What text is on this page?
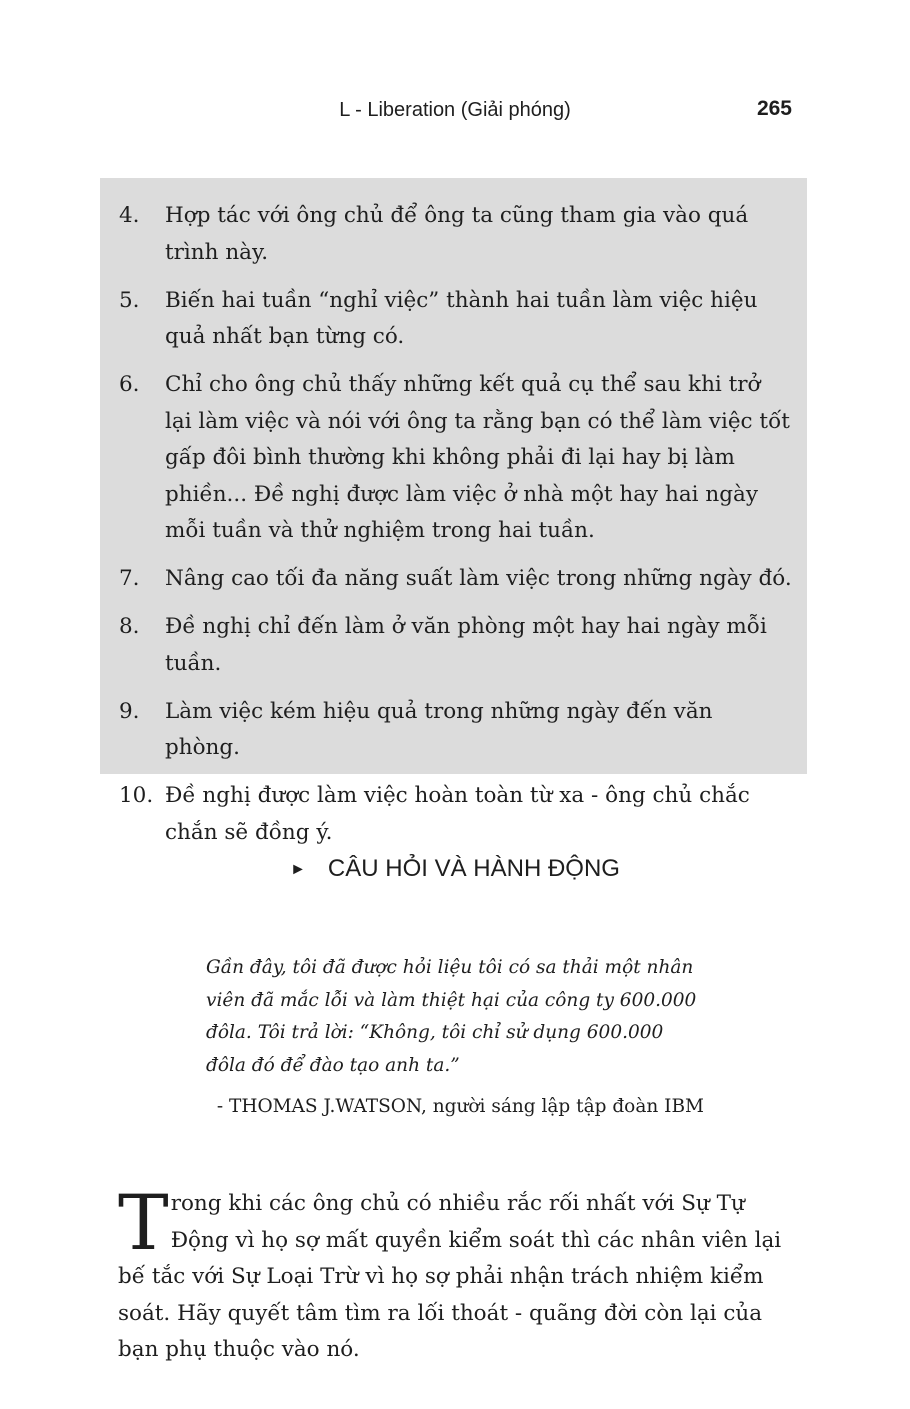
L - Liberation (Giải phóng)	265
4.	Hợp tác với ông chủ để ông ta cũng tham gia vào quá trình này.
5.	Biến hai tuần “nghỉ việc” thành hai tuần làm việc hiệu quả nhất bạn từng có.
6.	Chỉ cho ông chủ thấy những kết quả cụ thể sau khi trở lại làm việc và nói với ông ta rằng bạn có thể làm việc tốt gấp đôi bình thường khi không phải đi lại hay bị làm phiền... Đề nghị được làm việc ở nhà một hay hai ngày mỗi tuần và thử nghiệm trong hai tuần.
7.	Nâng cao tối đa năng suất làm việc trong những ngày đó.
8.	Đề nghị chỉ đến làm ở văn phòng một hay hai ngày mỗi tuần.
9.	Làm việc kém hiệu quả trong những ngày đến văn phòng.
10. Đề nghị được làm việc hoàn toàn từ xa - ông chủ chắc chắn sẽ đồng ý.
► CÂU HỎI VÀ HÀNH ĐỘNG
Gần đây, tôi đã được hỏi liệu tôi có sa thải một nhân viên đã mắc lỗi và làm thiệt hại của công ty 600.000 đôla. Tôi trả lời: “Không, tôi chỉ sử dụng 600.000 đôla đó để đào tạo anh ta.”
- THOMAS J.WATSON, người sáng lập tập đoàn IBM
Trong khi các ông chủ có nhiều rắc rối nhất với Sự Tự Động vì họ sợ mất quyền kiểm soát thì các nhân viên lại bế tắc với Sự Loại Trừ vì họ sợ phải nhận trách nhiệm kiểm soát. Hãy quyết tâm tìm ra lối thoát - quãng đời còn lại của bạn phụ thuộc vào nó.
